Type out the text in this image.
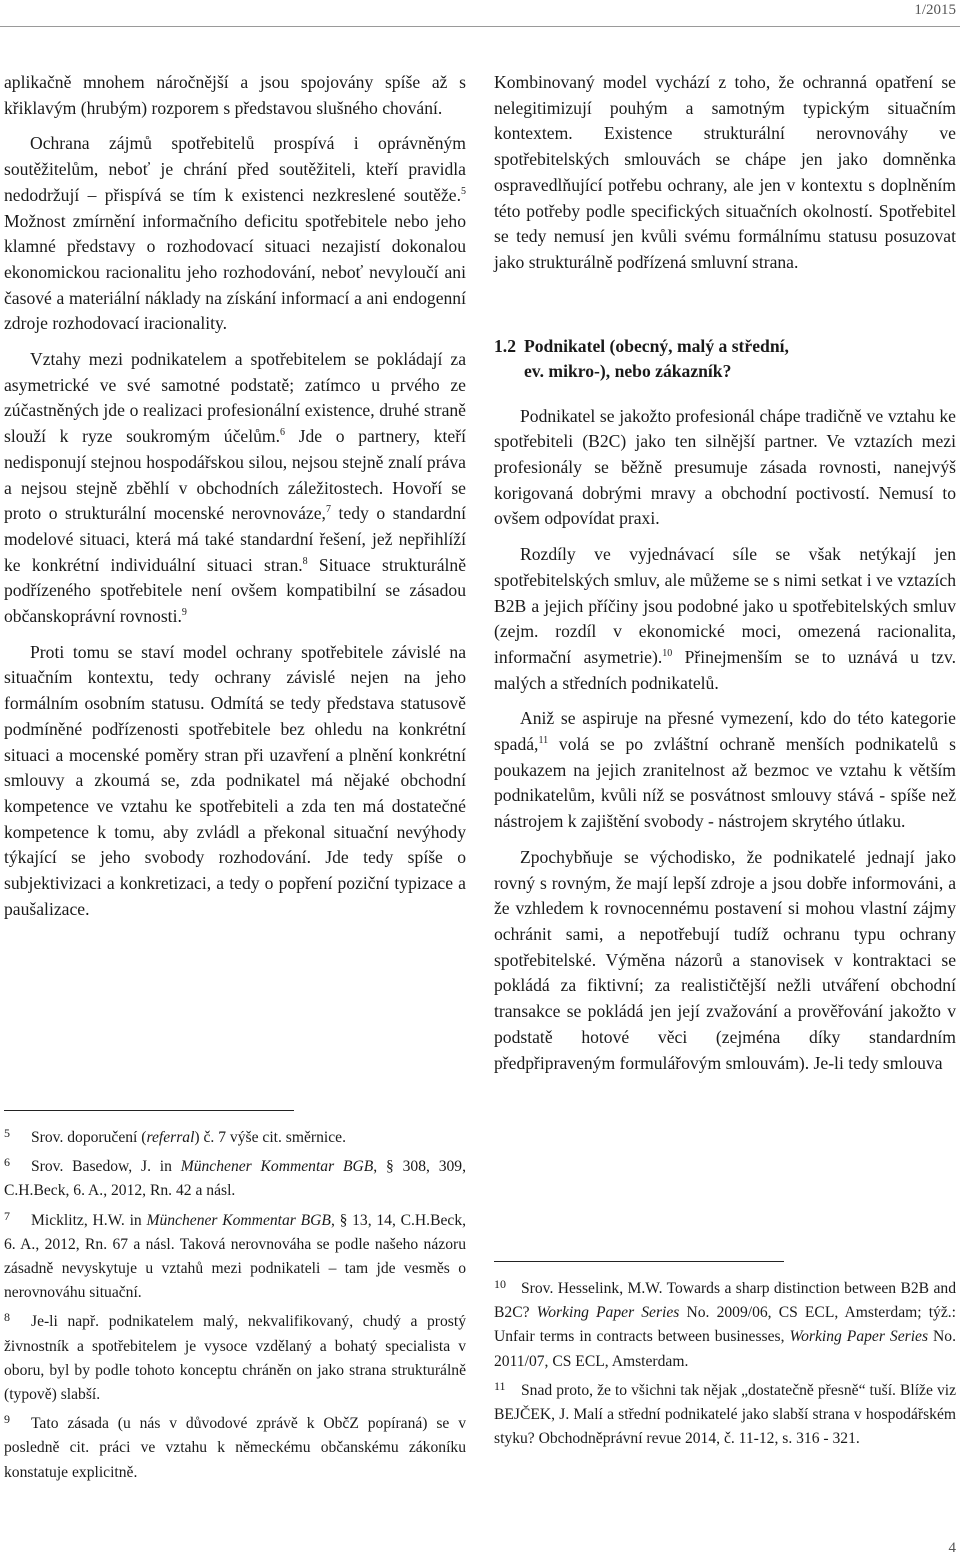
1/2015

aplikačně mnohem náročnější a jsou spojovány spíše až s křiklavým (hrubým) rozporem s představou slušného chování.

Ochrana zájmů spotřebitelů prospívá i oprávněným soutěžitelům, neboť je chrání před soutěžiteli, kteří pravidla nedodržují – přispívá se tím k existenci nezkreslené soutěže.$^5$ Možnost zmírnění informačního deficitu spotřebitele nebo jeho klamné představy o rozhodovací situaci nezajistí dokonalou ekonomickou racionalitu jeho rozhodování, neboť nevyloučí ani časové a materiální náklady na získání informací a ani endogenní zdroje rozhodovací iracionality.

Vztahy mezi podnikatelem a spotřebitelem se pokládají za asymetrické ve své samotné podstatě; zatímco u prvého ze zúčastněných jde o realizaci profesionální existence, druhé straně slouží k ryze soukromým účelům.$^6$ Jde o partnery, kteří nedisponují stejnou hospodářskou silou, nejsou stejně znalí práva a nejsou stejně zběhlí v obchodních záležitostech. Hovoří se proto o strukturální mocenské nerovnováze,$^7$ tedy o standardní modelové situaci, která má také standardní řešení, jež nepřihlíží ke konkrétní individuální situaci stran.$^8$ Situace strukturálně podřízeného spotřebitele není ovšem kompatibilní se zásadou občanskoprávní rovnosti.$^9$

Proti tomu se staví model ochrany spotřebitele závislé na situačním kontextu, tedy ochrany závislé nejen na jeho formálním osobním statusu. Odmítá se tedy představa statusově podmíněné podřízenosti spotřebitele bez ohledu na konkrétní situaci a mocenské poměry stran při uzavření a plnění konkrétní smlouvy a zkoumá se, zda podnikatel má nějaké obchodní kompetence ve vztahu ke spotřebiteli a zda ten má dostatečné kompetence k tomu, aby zvládl a překonal situační nevýhody týkající se jeho svobody rozhodování. Jde tedy spíše o subjektivizaci a konkretizaci, a tedy o popření poziční typizace a paušalizace.

5 Srov. doporučení (referral) č. 7 výše cit. směrnice.

6 Srov. Basedow, J. in Münchener Kommentar BGB, § 308, 309, C.H.Beck, 6. A., 2012, Rn. 42 a násl.

7 Micklitz, H.W. in Münchener Kommentar BGB, § 13, 14, C.H.Beck, 6. A., 2012, Rn. 67 a násl. Taková nerovnováha se podle našeho názoru zásadně nevyskytuje u vztahů mezi podnikateli – tam jde vesměs o nerovnováhu situační.

8 Je-li např. podnikatelem malý, nekvalifikovaný, chudý a prostý živnostník a spotřebitelem je vysoce vzdělaný a bohatý specialista v oboru, byl by podle tohoto konceptu chráněn on jako strana strukturálně (typově) slabší.

9 Tato zásada (u nás v důvodové zprávě k ObčZ popíraná) se v posledně cit. práci ve vztahu k německému občanskému zákoníku konstatuje explicitně.

Kombinovaný model vychází z toho, že ochranná opatření se nelegitimizují pouhým a samotným typickým situačním kontextem. Existence strukturální nerovnováhy ve spotřebitelských smlouvách se chápe jen jako domněnka ospravedlňující potřebu ochrany, ale jen v kontextu s doplněním této potřeby podle specifických situačních okolností. Spotřebitel se tedy nemusí jen kvůli svému formálnímu statusu posuzovat jako strukturálně podřízená smluvní strana.

1.2 Podnikatel (obecný, malý a střední,
ev. mikro-), nebo zákazník?

Podnikatel se jakožto profesionál chápe tradičně ve vztahu ke spotřebiteli (B2C) jako ten silnější partner. Ve vztazích mezi profesionály se běžně presumuje zásada rovnosti, nanejvýš korigovaná dobrými mravy a obchodní poctivostí. Nemusí to ovšem odpovídat praxi.

Rozdíly ve vyjednávací síle se však netýkají jen spotřebitelských smluv, ale můžeme se s nimi setkat i ve vztazích B2B a jejich příčiny jsou podobné jako u spotřebitelských smluv (zejm. rozdíl v ekonomické moci, omezená racionalita, informační asymetrie).$^{10}$ Přinejmenším se to uznává u tzv. malých a středních podnikatelů.

Aniž se aspiruje na přesné vymezení, kdo do této kategorie spadá,$^{11}$ volá se po zvláštní ochraně menších podnikatelů s poukazem na jejich zranitelnost až bezmoc ve vztahu k větším podnikatelům, kvůli níž se posvátnost smlouvy stává - spíše než nástrojem k zajištění svobody - nástrojem skrytého útlaku.

Zpochybňuje se východisko, že podnikatelé jednají jako rovný s rovným, že mají lepší zdroje a jsou dobře informováni, a že vzhledem k rovnocennému postavení si mohou vlastní zájmy ochránit sami, a nepotřebují tudíž ochranu typu ochrany spotřebitelské. Výměna názorů a stanovisek v kontraktaci se pokládá za fiktivní; za realističtější nežli utváření obchodní transakce se pokládá jen její zvažování a prověřování jakožto v podstatě hotové věci (zejména díky standardním předpřipraveným formulářovým smlouvám). Je-li tedy smlouva

10 Srov. Hesselink, M.W. Towards a sharp distinction between B2B and B2C? Working Paper Series No. 2009/06, CS ECL, Amsterdam; týž.: Unfair terms in contracts between businesses, Working Paper Series No. 2011/07, CS ECL, Amsterdam.

11 Snad proto, že to všichni tak nějak „dostatečně přesně“ tuší. Blíže viz BEJČEK, J. Malí a střední podnikatelé jako slabší strana v hospodářském styku? Obchodněprávní revue 2014, č. 11-12, s. 316 - 321.

4
